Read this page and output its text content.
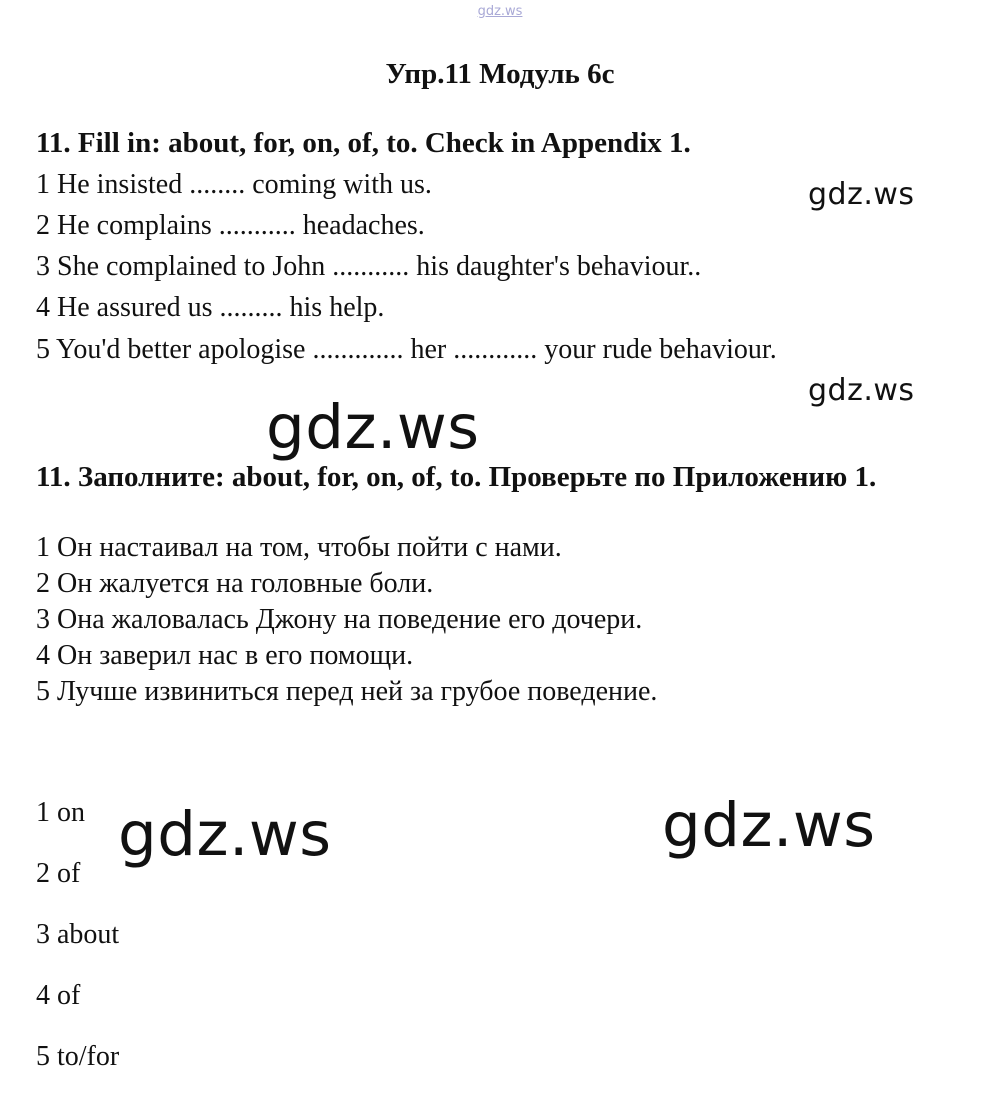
gdz.ws
Упр.11 Модуль 6с
11. Fill in: about, for, on, of, to. Check in Appendix 1.
1 He insisted ........ coming with us.
2 He complains ........... headaches.
3 She complained to John ........... his daughter's behaviour..
4 He assured us ......... his help.
5 You'd better apologise ............. her ............ your rude behaviour.
gdz.ws
gdz.ws
gdz.ws
11. Заполните: about, for, on, of, to. Проверьте по Приложению 1.
1 Он настаивал на том, чтобы пойти с нами.
2 Он жалуется на головные боли.
3 Она жаловалась Джону на поведение его дочери.
4 Он заверил нас в его помощи.
5 Лучше извиниться перед ней за грубое поведение.
1 on
2 of
3 about
4 of
5 to/for
gdz.ws	gdz.ws
